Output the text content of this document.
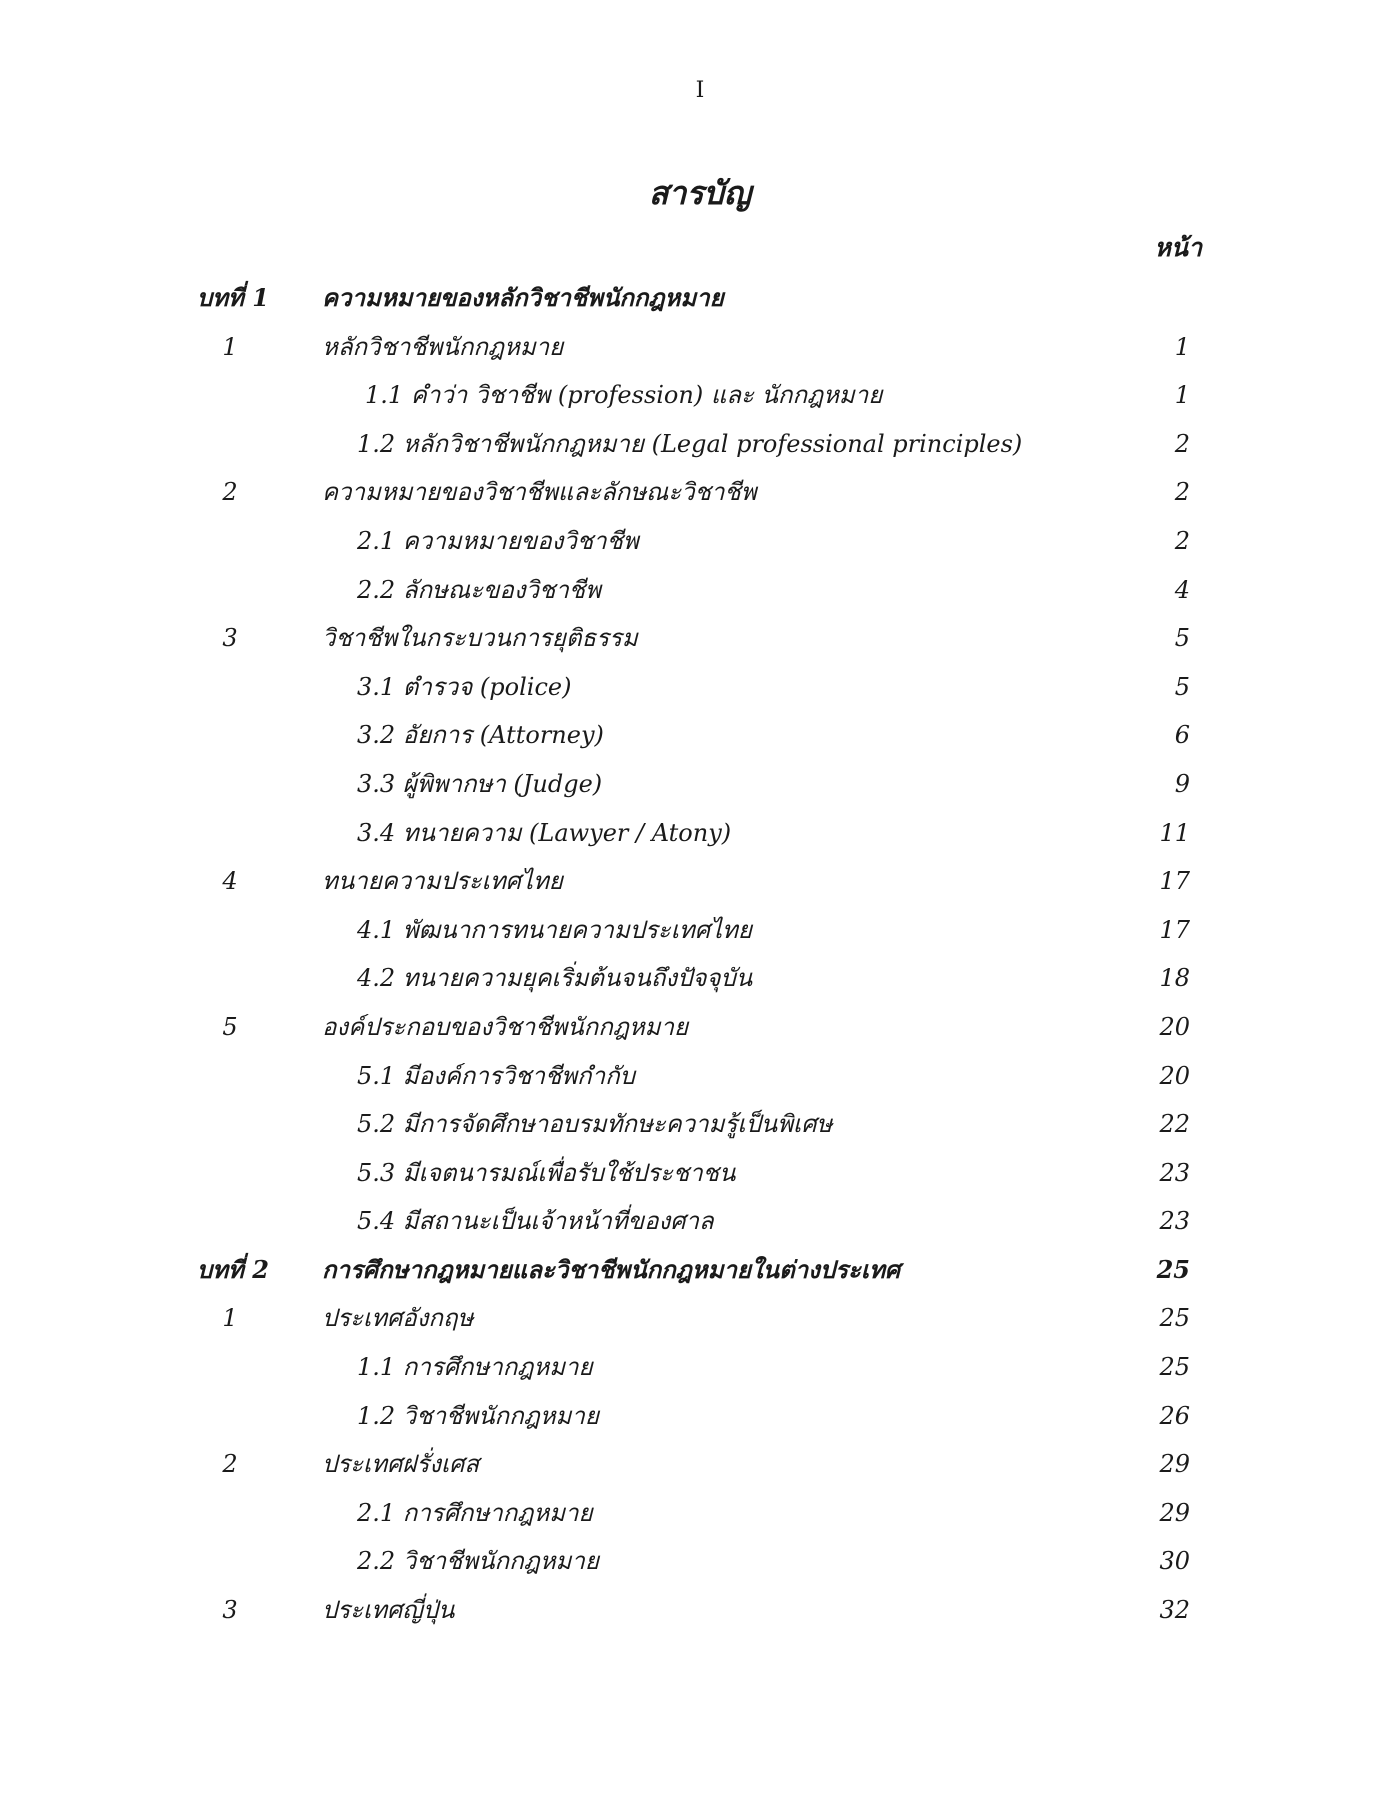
I
สารบัญ
หน้า
บทที่ 1 ความหมายของหลักวิชาชีพนักกฎหมาย
1	หลักวิชาชีพนักกฎหมาย	1
1.1 คำว่า วิชาชีพ (profession) และ นักกฎหมาย	1
1.2 หลักวิชาชีพนักกฎหมาย (Legal professional principles)	2
2	ความหมายของวิชาชีพและลักษณะวิชาชีพ	2
2.1 ความหมายของวิชาชีพ	2
2.2 ลักษณะของวิชาชีพ	4
3	วิชาชีพในกระบวนการยุติธรรม	5
3.1 ตำรวจ (police)	5
3.2 อัยการ (Attorney)	6
3.3 ผู้พิพากษา (Judge)	9
3.4 ทนายความ (Lawyer / Atony)	11
4	ทนายความประเทศไทย	17
4.1 พัฒนาการทนายความประเทศไทย	17
4.2 ทนายความยุคเริ่มต้นจนถึงปัจจุบัน	18
5	องค์ประกอบของวิชาชีพนักกฎหมาย	20
5.1 มีองค์การวิชาชีพกำกับ	20
5.2 มีการจัดศึกษาอบรมทักษะความรู้เป็นพิเศษ	22
5.3 มีเจตนารมณ์เพื่อรับใช้ประชาชน	23
5.4 มีสถานะเป็นเจ้าหน้าที่ของศาล	23
บทที่ 2 การศึกษากฎหมายและวิชาชีพนักกฎหมายในต่างประเทศ	25
1	ประเทศอังกฤษ	25
1.1 การศึกษากฎหมาย	25
1.2 วิชาชีพนักกฎหมาย	26
2	ประเทศฝรั่งเศส	29
2.1 การศึกษากฎหมาย	29
2.2 วิชาชีพนักกฎหมาย	30
3	ประเทศญี่ปุ่น	32
